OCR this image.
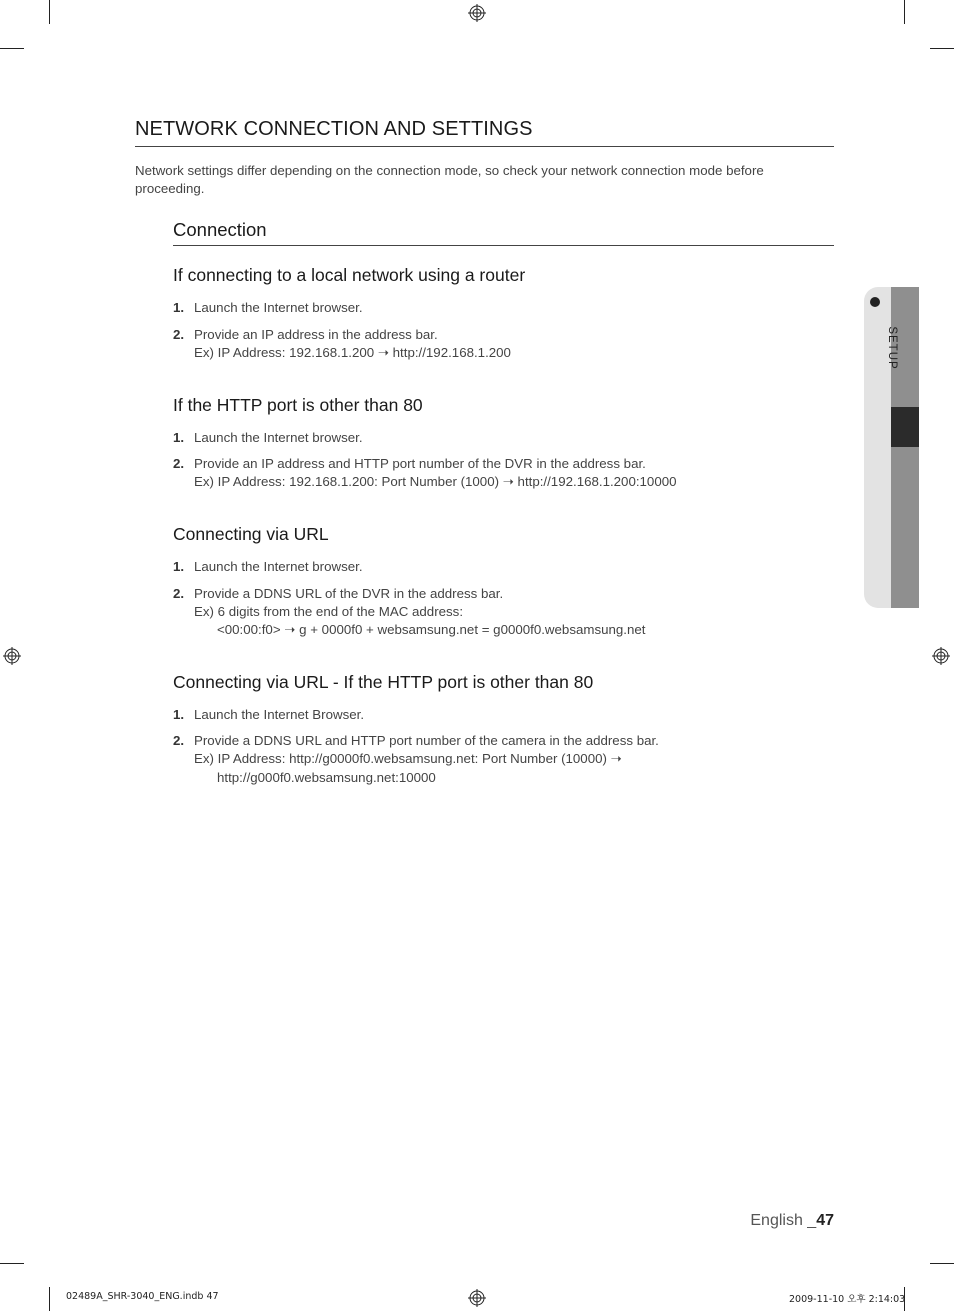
NETWORK CONNECTION AND SETTINGS
Network settings differ depending on the connection mode, so check your network connection mode before proceeding.
Connection
If connecting to a local network using a router
1. Launch the Internet browser.
2. Provide an IP address in the address bar.
Ex) IP Address: 192.168.1.200 ➝ http://192.168.1.200
If the HTTP port is other than 80
1. Launch the Internet browser.
2. Provide an IP address and HTTP port number of the DVR in the address bar.
Ex) IP Address: 192.168.1.200: Port Number (1000) ➝ http://192.168.1.200:10000
Connecting via URL
1. Launch the Internet browser.
2. Provide a DDNS URL of the DVR in the address bar.
Ex) 6 digits from the end of the MAC address:
<00:00:f0> ➝ g + 0000f0 + websamsung.net = g0000f0.websamsung.net
Connecting via URL - If the HTTP port is other than 80
1. Launch the Internet Browser.
2. Provide a DDNS URL and HTTP port number of the camera in the address bar.
Ex) IP Address: http://g0000f0.websamsung.net: Port Number (10000) ➝
http://g000f0.websamsung.net:10000
SETUP
English _47
02489A_SHR-3040_ENG.indb 47	2009-11-10 오후 2:14:03
